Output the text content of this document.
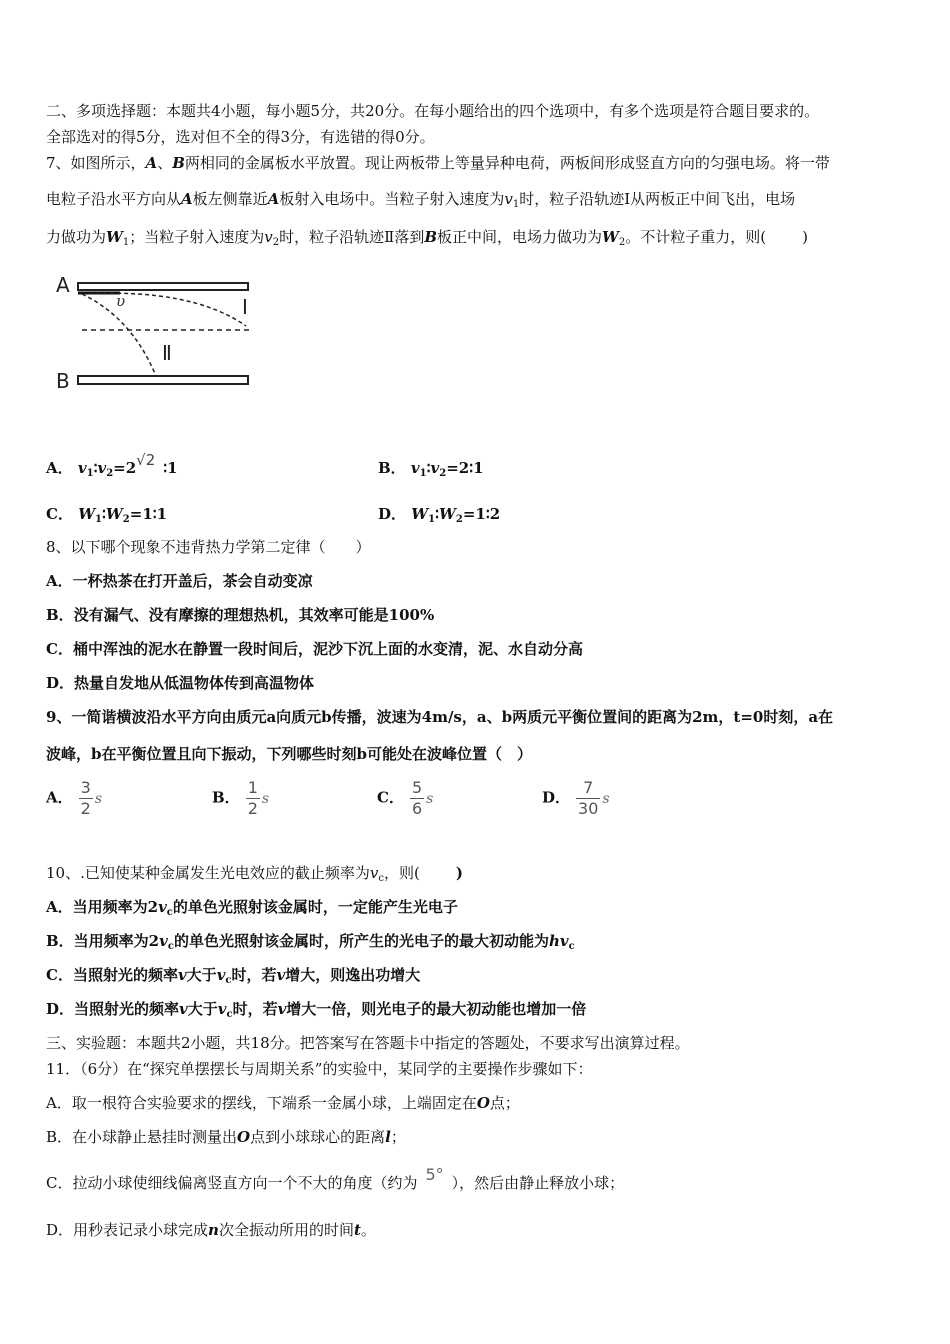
二、多项选择题：本题共4小题，每小题5分，共20分。在每小题给出的四个选项中，有多个选项是符合题目要求的。
全部选对的得5分，选对但不全的得3分，有选错的得0分。
7、如图所示，A、B两相同的金属板水平放置。现让两板带上等量异种电荷，两板间形成竖直方向的匀强电场。将一带
电粒子沿水平方向从A板左侧靠近A板射入电场中。当粒子射入速度为$v_1$时，粒子沿轨迹Ⅰ从两板正中间飞出，电场
力做功为$W_1$；当粒子射入速度为$v_2$时，粒子沿轨迹Ⅱ落到B板正中间，电场力做功为$W_2$。不计粒子重力，则( )
A
υ	Ⅰ
Ⅱ
B
A． $v_1∶v_2=2√2$ ∶1	B． $v_1∶v_2=2∶1$
C． $W_1∶W_2=1∶1$	D． $W_1∶W_2=1∶2$
8、以下哪个现象不违背热力学第二定律（　　）
A．一杯热茶在打开盖后，茶会自动变凉
B．没有漏气、没有摩擦的理想热机，其效率可能是100%
C．桶中浑浊的泥水在静置一段时间后，泥沙下沉上面的水变清，泥、水自动分高
D．热量自发地从低温物体传到高温物体
9、一简谐横波沿水平方向由质元a向质元b传播，波速为4m/s，a、b两质元平衡位置间的距离为2m，t=0时刻，a在
波峰，b在平衡位置且向下振动，下列哪些时刻b可能处在波峰位置（　）
A． $\frac{3}{2}$ s	B． $\frac{1}{2}$ s	C． $\frac{5}{6}$ s	D． $\frac{7}{30}$ s
10、.已知使某种金属发生光电效应的截止频率为$v_c$，则( )
A．当用频率为$2v_c$的单色光照射该金属时，一定能产生光电子
B．当用频率为$2v_c$的单色光照射该金属时，所产生的光电子的最大初动能为$hv_c$
C．当照射光的频率v大于$v_c$时，若v增大，则逸出功增大
D．当照射光的频率v大于$v_c$时，若v增大一倍，则光电子的最大初动能也增加一倍
三、实验题：本题共2小题，共18分。把答案写在答题卡中指定的答题处，不要求写出演算过程。
11．（6分）在“探究单摆摆长与周期关系”的实验中，某同学的主要操作步骤如下：
A．取一根符合实验要求的摆线，下端系一金属小球，上端固定在O点；
B．在小球静止悬挂时测量出O点到小球球心的距离l；
C．拉动小球使细线偏离竖直方向一个不大的角度（约为 5° ），然后由静止释放小球；
D．用秒表记录小球完成n次全振动所用的时间t。
